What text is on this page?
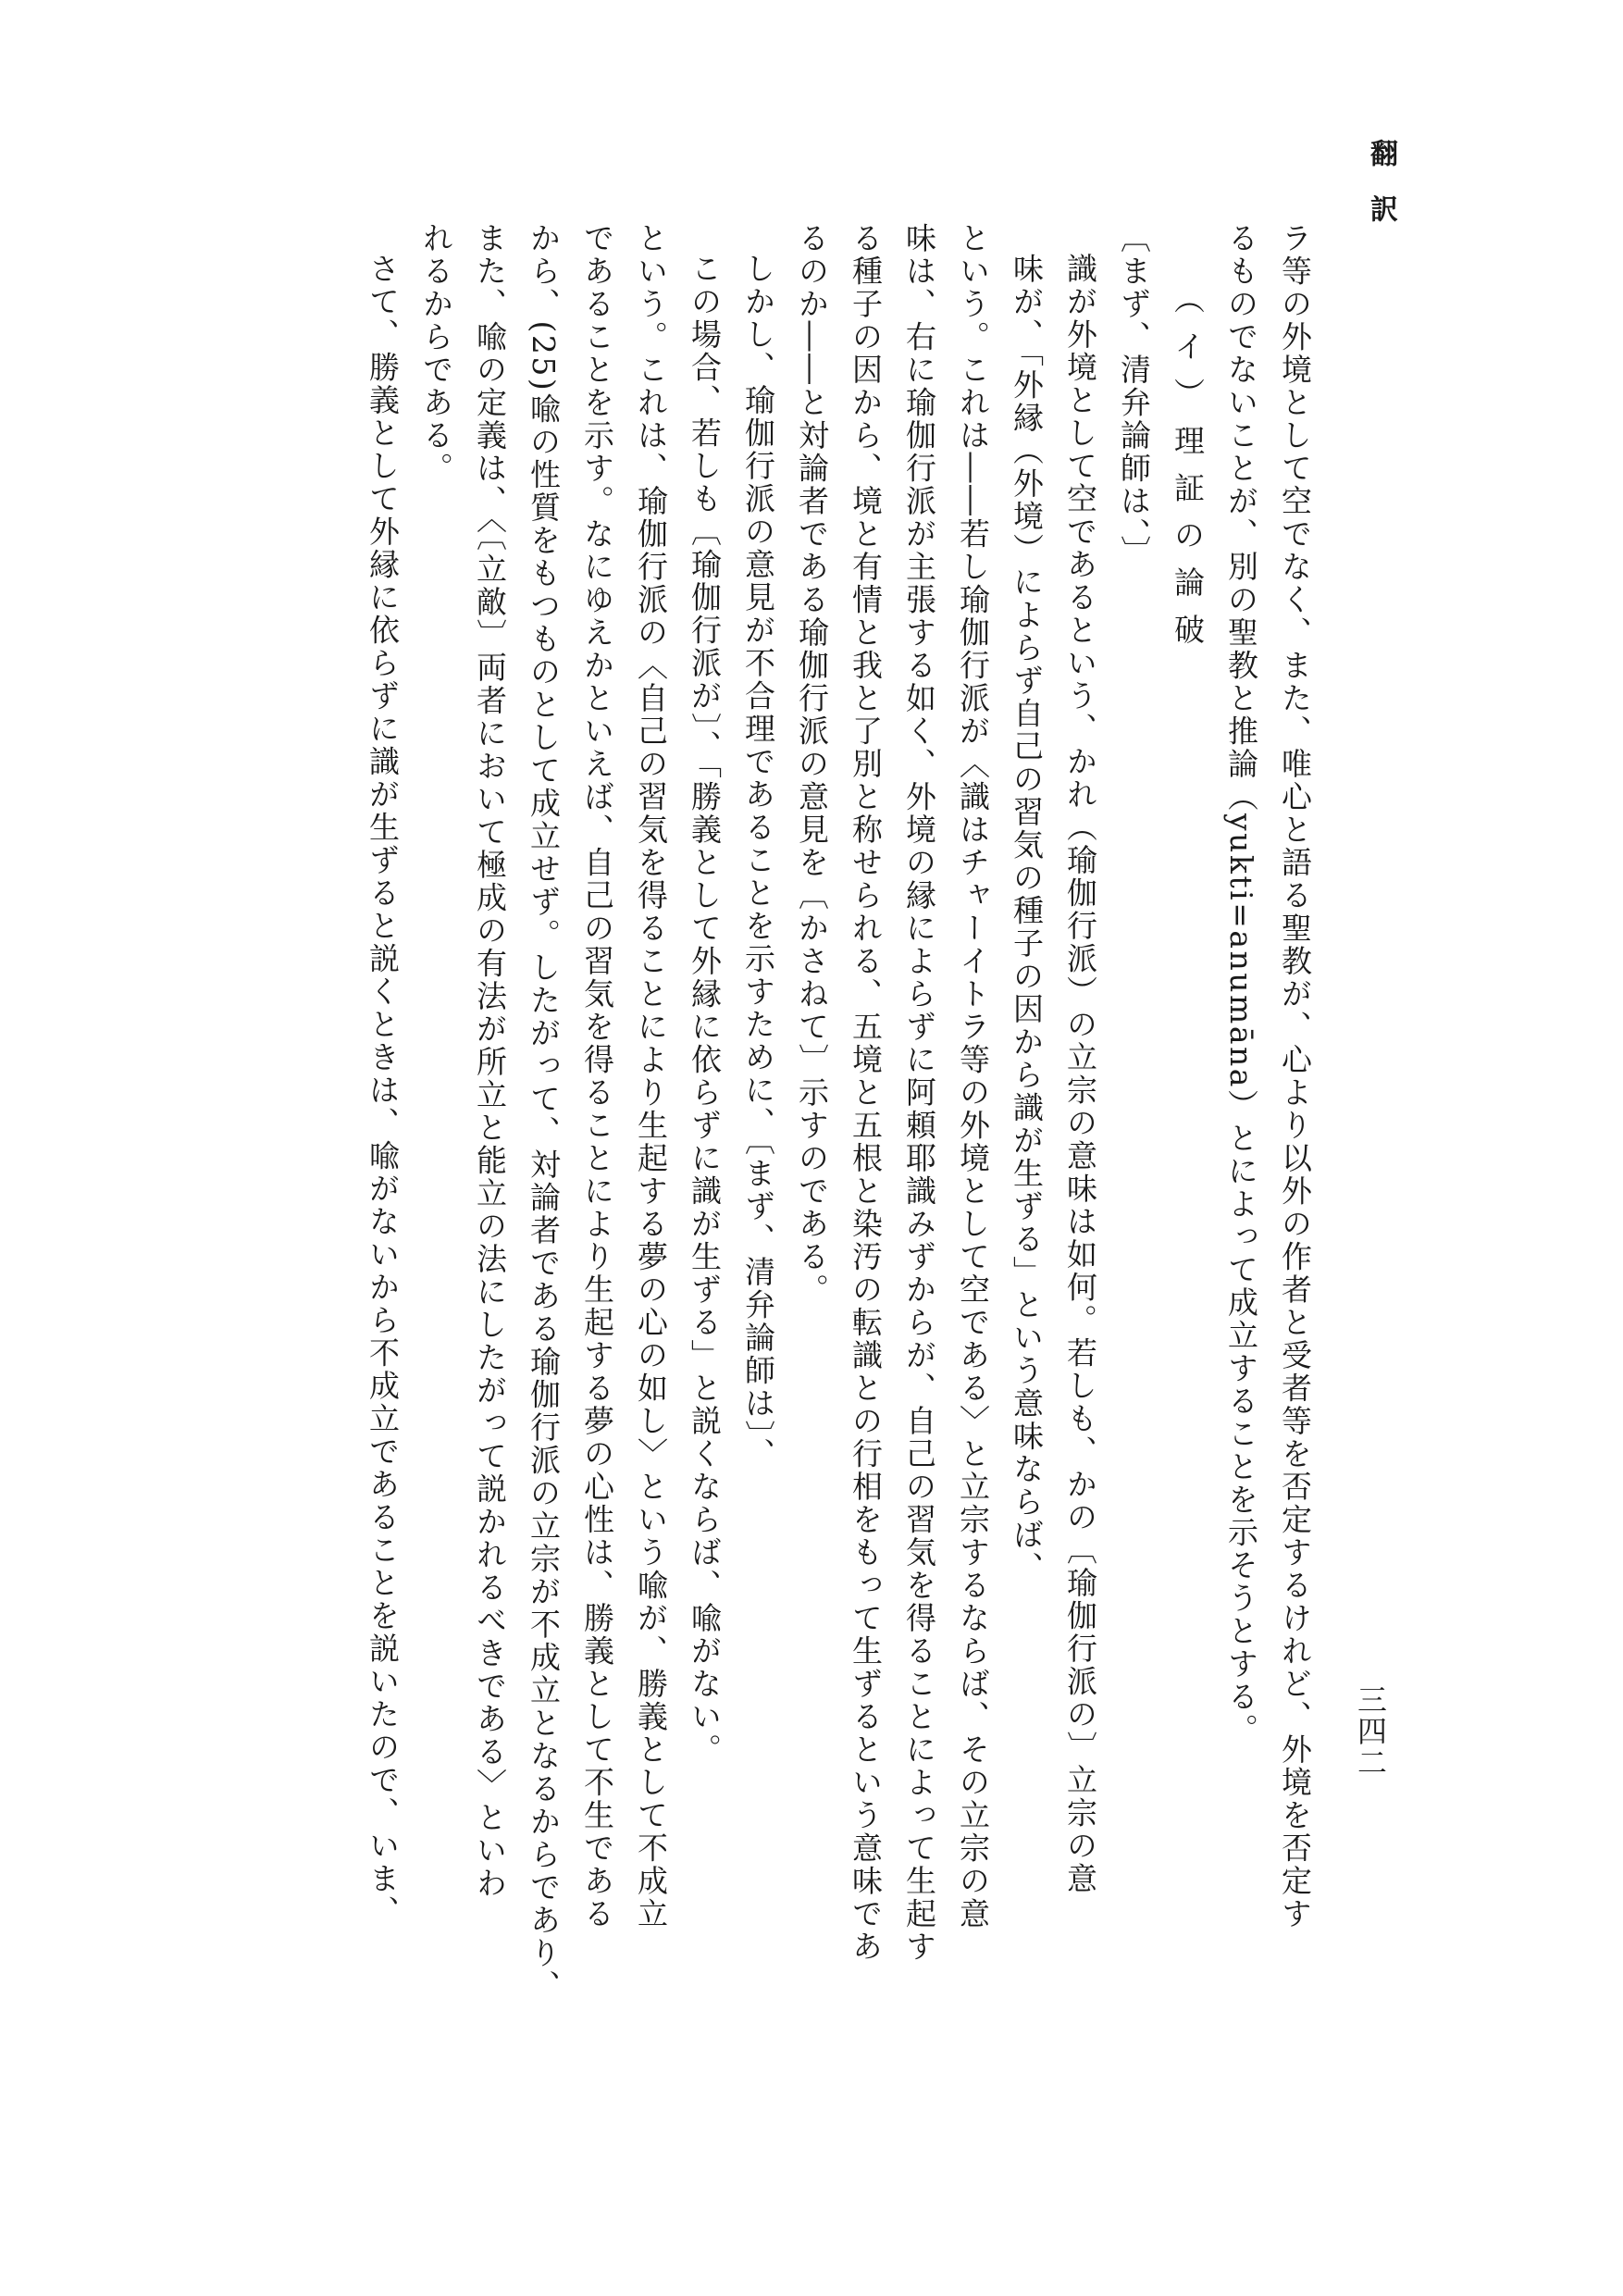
翻訳
三四二

ラ等の外境として空でなく、また、唯心と語る聖教が、心より以外の作者と受者等を否定するけれど、外境を否定す

るものでないことが、別の聖教と推論（yukti=anumāna）とによって成立することを示そうとする。

（イ）理証の論破

〔まず、清弁論師は、〕

識が外境として空であるという、かれ（瑜伽行派）の立宗の意味は如何。若しも、かの〔瑜伽行派の〕立宗の意

味が、「外縁（外境）によらず自己の習気の種子の因から識が生ずる」という意味ならば、

という。これは――若し瑜伽行派が〈識はチャーイトラ等の外境として空である〉と立宗するならば、その立宗の意

味は、右に瑜伽行派が主張する如く、外境の縁によらずに阿頼耶識みずからが、自己の習気を得ることによって生起す

る種子の因から、境と有情と我と了別と称せられる、五境と五根と染汚の転識との行相をもって生ずるという意味であ

るのか――と対論者である瑜伽行派の意見を〔かさねて〕示すのである。

しかし、瑜伽行派の意見が不合理であることを示すために、〔まず、清弁論師は〕、

この場合、若しも〔瑜伽行派が〕、「勝義として外縁に依らずに識が生ずる」と説くならば、喩がない。

という。これは、瑜伽行派の〈自己の習気を得ることにより生起する夢の心の如し〉という喩が、勝義として不成立

であることを示す。なにゆえかといえば、自己の習気を得ることにより生起する夢の心性は、勝義として不生である

から、(25)喩の性質をもつものとして成立せず。したがって、対論者である瑜伽行派の立宗が不成立となるからであり、

また、喩の定義は、〈〔立敵〕両者において極成の有法が所立と能立の法にしたがって説かれるべきである〉といわ

れるからである。

さて、勝義として外縁に依らずに識が生ずると説くときは、喩がないから不成立であることを説いたので、いま、
